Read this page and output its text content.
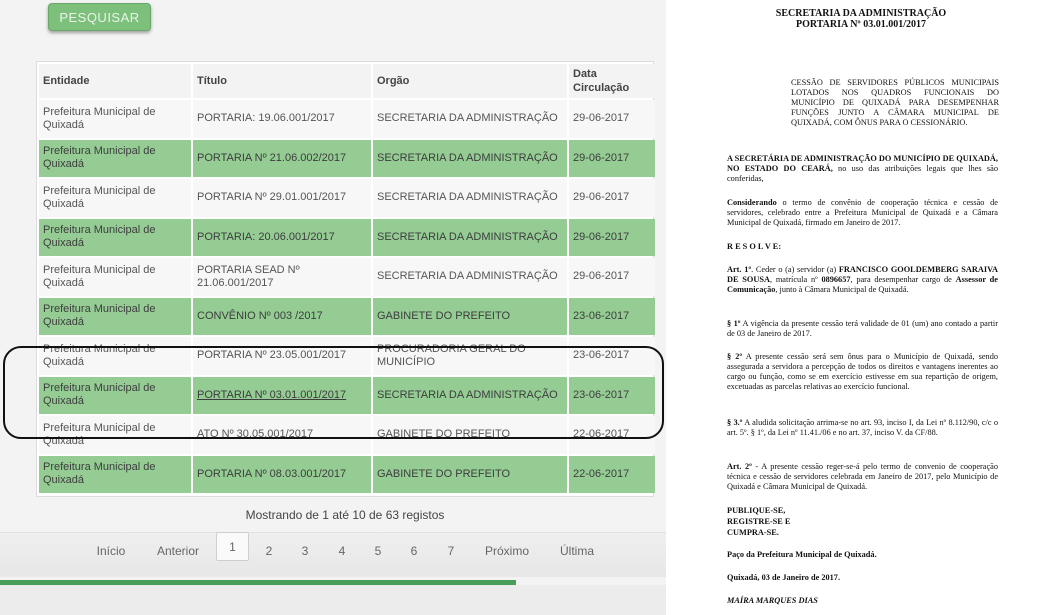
PESQUISAR
Entidade	Título	Orgão	Data
Circulação
Prefeitura Municipal de Quixadá	PORTARIA: 19.06.001/2017	SECRETARIA DA ADMINISTRAÇÃO	29-06-2017
Prefeitura Municipal de Quixadá	PORTARIA Nº 21.06.002/2017	SECRETARIA DA ADMINISTRAÇÃO	29-06-2017
Prefeitura Municipal de Quixadá	PORTARIA Nº 29.01.001/2017	SECRETARIA DA ADMINISTRAÇÃO	29-06-2017
Prefeitura Municipal de Quixadá	PORTARIA: 20.06.001/2017	SECRETARIA DA ADMINISTRAÇÃO	29-06-2017
Prefeitura Municipal de Quixadá	PORTARIA SEAD Nº 21.06.001/2017	SECRETARIA DA ADMINISTRAÇÃO	29-06-2017
Prefeitura Municipal de Quixadá	CONVÊNIO Nº 003 /2017	GABINETE DO PREFEITO	23-06-2017
Prefeitura Municipal de Quixadá	PORTARIA Nº 23.05.001/2017	PROCURADORIA GERAL DO MUNICÍPIO	23-06-2017
Prefeitura Municipal de Quixadá	PORTARIA Nº 03.01.001/2017	SECRETARIA DA ADMINISTRAÇÃO	23-06-2017
Prefeitura Municipal de Quixadá	ATO Nº 30.05.001/2017	GABINETE DO PREFEITO	22-06-2017
Prefeitura Municipal de Quixadá	PORTARIA Nº 08.03.001/2017	GABINETE DO PREFEITO	22-06-2017
Mostrando de 1 até 10 de 63 registos
Início	Anterior	1	2	3	4	5	6	7	Próximo	Última
SECRETARIA DA ADMINISTRAÇÃO
PORTARIA Nº 03.01.001/2017
CESSÃO DE SERVIDORES PÚBLICOS MUNICIPAIS LOTADOS NOS QUADROS FUNCIONAIS DO MUNICÍPIO DE QUIXADÁ PARA DESEMPENHAR FUNÇÕES JUNTO A CÂMARA MUNICIPAL DE QUIXADÁ, COM ÔNUS PARA O CESSIONÁRIO.
A SECRETÁRIA DE ADMINISTRAÇÃO DO MUNICÍPIO DE QUIXADÁ, NO ESTADO DO CEARÁ, no uso das atribuições legais que lhes são conferidas,
Considerando o termo de convênio de cooperação técnica e cessão de servidores, celebrado entre a Prefeitura Municipal de Quixadá e a Câmara Municipal de Quixadá, firmado em Janeiro de 2017.
R E S O L V E:
Art. 1º. Ceder o (a) servidor (a) FRANCISCO GOOLDEMBERG SARAIVA DE SOUSA, matrícula nº 0896657, para desempenhar cargo de Assessor de Comunicação, junto à Câmara Municipal de Quixadá.
§ 1º A vigência da presente cessão terá validade de 01 (um) ano contado a partir de 03 de Janeiro de 2017.
§ 2º A presente cessão será sem ônus para o Município de Quixadá, sendo assegurada a servidora a percepção de todos os direitos e vantagens inerentes ao cargo ou função, como se em exercício estivesse em sua repartição de origem, excetuadas as parcelas relativas ao exercício funcional.
§ 3.º A aludida solicitação arrima-se no art. 93, inciso I, da Lei nº 8.112/90, c/c o art. 5º. § 1º, da Lei nº 11.41./06 e no art. 37, inciso V. da CF/88.
Art. 2º - A presente cessão reger-se-á pelo termo de convenio de cooperação técnica e cessão de servidores celebrada em Janeiro de 2017, pelo Município de Quixadá e Câmara Municipal de Quixadá.
PUBLIQUE-SE,
REGISTRE-SE E
CUMPRA-SE.
Paço da Prefeitura Municipal de Quixadá.
Quixadá, 03 de Janeiro de 2017.
MAÍRA MARQUES DIAS
